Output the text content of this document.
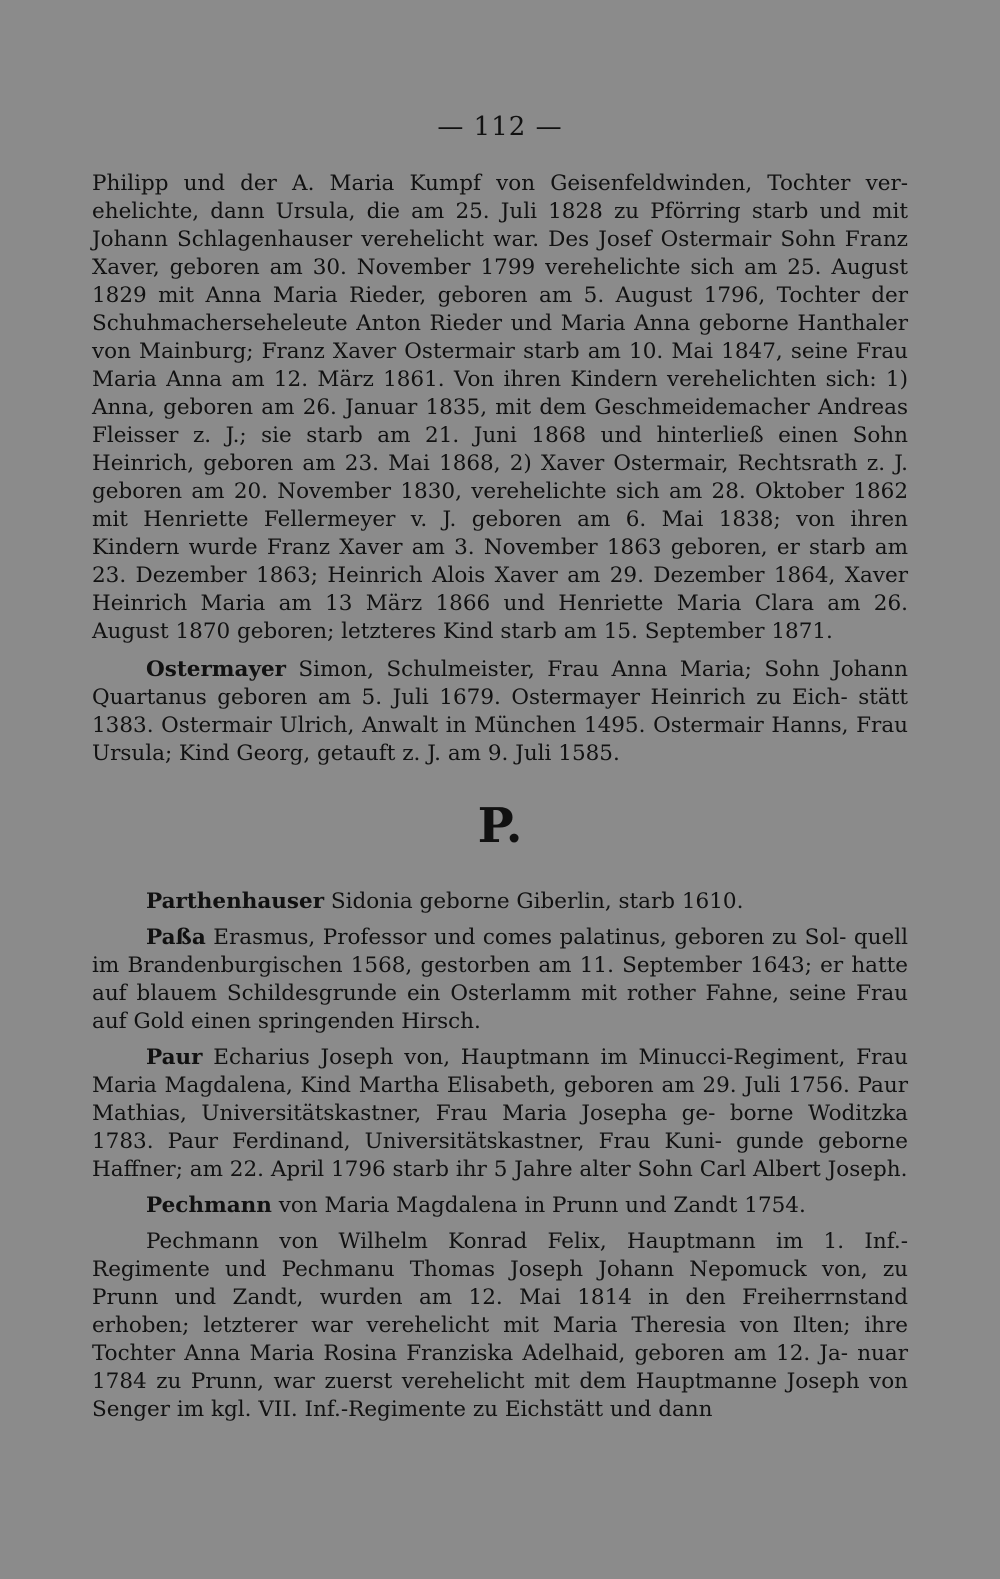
— 112 —

Philipp und der A. Maria Kumpf von Geisenfeldwinden, Tochter ver- ehelichte, dann Ursula, die am 25. Juli 1828 zu Pförring starb und mit Johann Schlagenhauser verehelicht war. Des Josef Ostermair Sohn Franz Xaver, geboren am 30. November 1799 verehelichte sich am 25. August 1829 mit Anna Maria Rieder, geboren am 5. August 1796, Tochter der Schuhmacherseheleute Anton Rieder und Maria Anna geborne Hanthaler von Mainburg; Franz Xaver Ostermair starb am 10. Mai 1847, seine Frau Maria Anna am 12. März 1861. Von ihren Kindern verehelichten sich: 1) Anna, geboren am 26. Januar 1835, mit dem Geschmeidemacher Andreas Fleisser z. J.; sie starb am 21. Juni 1868 und hinterließ einen Sohn Heinrich, geboren am 23. Mai 1868, 2) Xaver Ostermair, Rechtsrath z. J. geboren am 20. November 1830, verehelichte sich am 28. Oktober 1862 mit Henriette Fellermeyer v. J. geboren am 6. Mai 1838; von ihren Kindern wurde Franz Xaver am 3. November 1863 geboren, er starb am 23. Dezember 1863; Heinrich Alois Xaver am 29. Dezember 1864, Xaver Heinrich Maria am 13 März 1866 und Henriette Maria Clara am 26. August 1870 geboren; letzteres Kind starb am 15. September 1871.

Ostermayer Simon, Schulmeister, Frau Anna Maria; Sohn Johann Quartanus geboren am 5. Juli 1679. Ostermayer Heinrich zu Eich- stätt 1383. Ostermair Ulrich, Anwalt in München 1495. Ostermair Hanns, Frau Ursula; Kind Georg, getauft z. J. am 9. Juli 1585.

P.

Parthenhauser Sidonia geborne Giberlin, starb 1610.

Paßa Erasmus, Professor und comes palatinus, geboren zu Sol- quell im Brandenburgischen 1568, gestorben am 11. September 1643; er hatte auf blauem Schildesgrunde ein Osterlamm mit rother Fahne, seine Frau auf Gold einen springenden Hirsch.

Paur Echarius Joseph von, Hauptmann im Minucci-Regiment, Frau Maria Magdalena, Kind Martha Elisabeth, geboren am 29. Juli 1756. Paur Mathias, Universitätskastner, Frau Maria Josepha ge- borne Woditzka 1783. Paur Ferdinand, Universitätskastner, Frau Kuni- gunde geborne Haffner; am 22. April 1796 starb ihr 5 Jahre alter Sohn Carl Albert Joseph.

Pechmann von Maria Magdalena in Prunn und Zandt 1754.

Pechmann von Wilhelm Konrad Felix, Hauptmann im 1. Inf.- Regimente und Pechmanu Thomas Joseph Johann Nepomuck von, zu Prunn und Zandt, wurden am 12. Mai 1814 in den Freiherrnstand erhoben; letzterer war verehelicht mit Maria Theresia von Ilten; ihre Tochter Anna Maria Rosina Franziska Adelhaid, geboren am 12. Ja- nuar 1784 zu Prunn, war zuerst verehelicht mit dem Hauptmanne Joseph von Senger im kgl. VII. Inf.-Regimente zu Eichstätt und dann
